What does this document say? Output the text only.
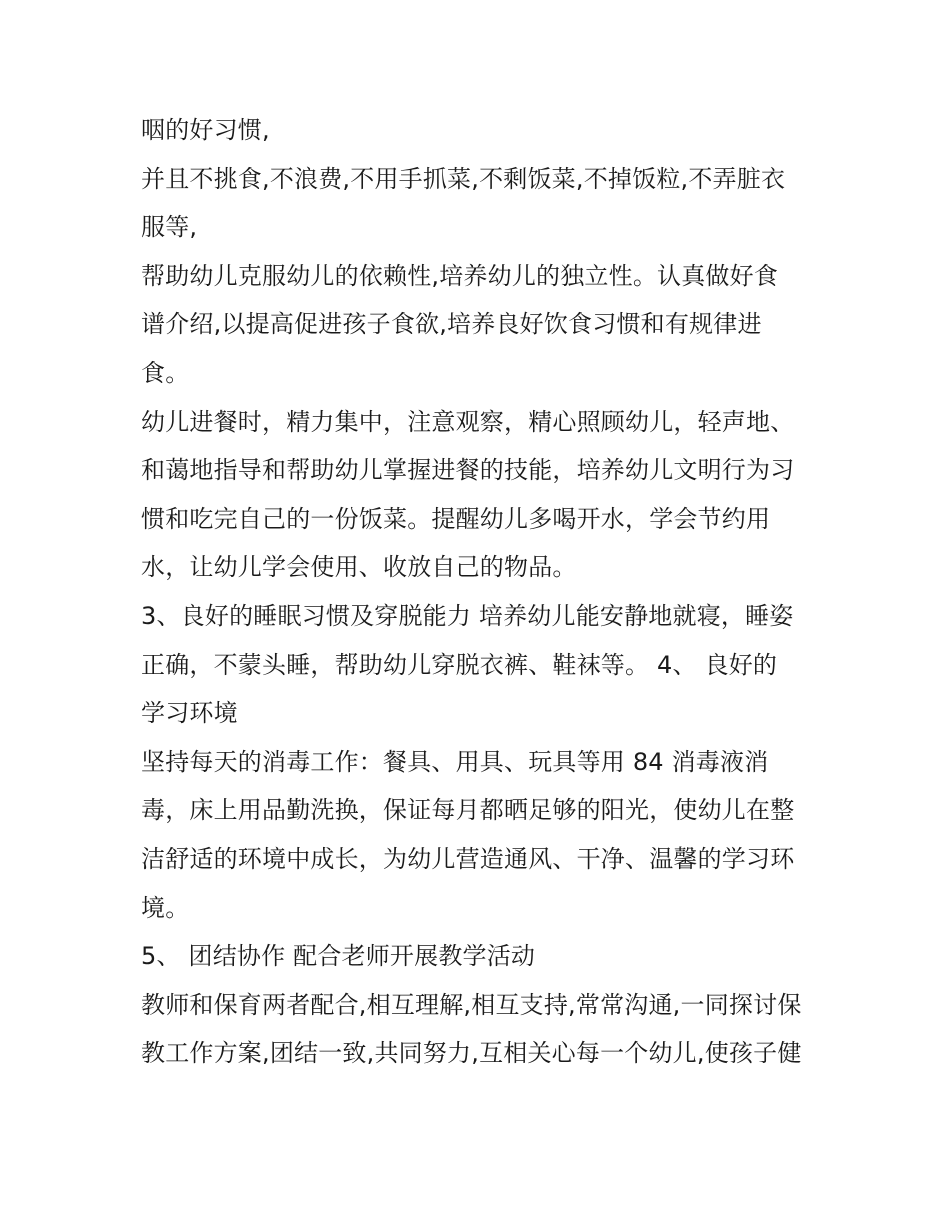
咽的好习惯,
并且不挑食,不浪费,不用手抓菜,不剩饭菜,不掉饭粒,不弄脏衣
服等,
帮助幼儿克服幼儿的依赖性,培养幼儿的独立性。认真做好食
谱介绍,以提高促进孩子食欲,培养良好饮食习惯和有规律进
食。
幼儿进餐时，精力集中，注意观察，精心照顾幼儿，轻声地、
和蔼地指导和帮助幼儿掌握进餐的技能，培养幼儿文明行为习
惯和吃完自己的一份饭菜。提醒幼儿多喝开水，学会节约用
水，让幼儿学会使用、收放自己的物品。
3、良好的睡眠习惯及穿脱能力 培养幼儿能安静地就寝，睡姿
正确，不蒙头睡，帮助幼儿穿脱衣裤、鞋袜等。 4、 良好的
学习环境
坚持每天的消毒工作：餐具、用具、玩具等用 84 消毒液消
毒，床上用品勤洗换，保证每月都晒足够的阳光，使幼儿在整
洁舒适的环境中成长，为幼儿营造通风、干净、温馨的学习环
境。
5、 团结协作 配合老师开展教学活动
教师和保育两者配合,相互理解,相互支持,常常沟通,一同探讨保
教工作方案,团结一致,共同努力,互相关心每一个幼儿,使孩子健
